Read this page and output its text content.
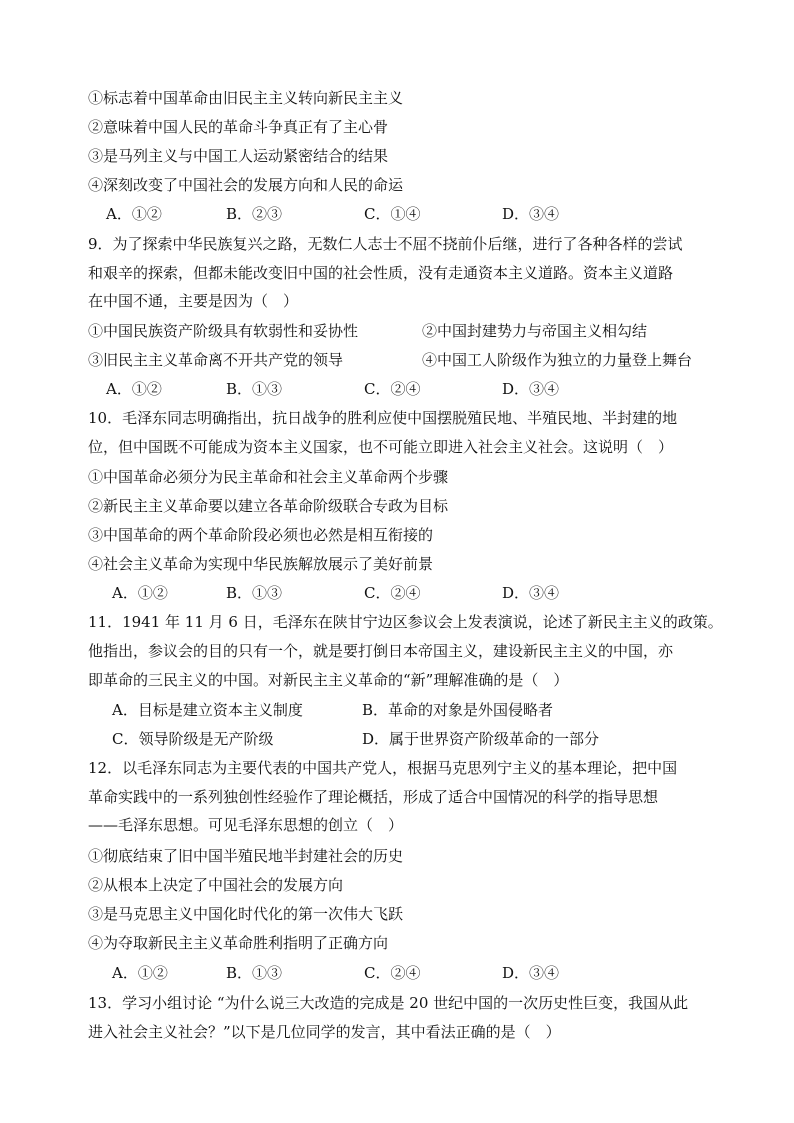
①标志着中国革命由旧民主主义转向新民主主义
②意味着中国人民的革命斗争真正有了主心骨
③是马列主义与中国工人运动紧密结合的结果
④深刻改变了中国社会的发展方向和人民的命运
A．①②	B．②③	C．①④	D．③④
9．为了探索中华民族复兴之路，无数仁人志士不屈不挠前仆后继，进行了各种各样的尝试
和艰辛的探索，但都未能改变旧中国的社会性质，没有走通资本主义道路。资本主义道路
在中国不通，主要是因为（　）
①中国民族资产阶级具有软弱性和妥协性	②中国封建势力与帝国主义相勾结
③旧民主主义革命离不开共产党的领导	④中国工人阶级作为独立的力量登上舞台
A．①②	B．①③	C．②④	D．③④
10．毛泽东同志明确指出，抗日战争的胜利应使中国摆脱殖民地、半殖民地、半封建的地
位，但中国既不可能成为资本主义国家，也不可能立即进入社会主义社会。这说明（　）
①中国革命必须分为民主革命和社会主义革命两个步骤
②新民主主义革命要以建立各革命阶级联合专政为目标
③中国革命的两个革命阶段必须也必然是相互衔接的
④社会主义革命为实现中华民族解放展示了美好前景
A．①②	B．①③	C．②④	D．③④
11．1941 年 11 月 6 日，毛泽东在陕甘宁边区参议会上发表演说，论述了新民主主义的政策。
他指出，参议会的目的只有一个，就是要打倒日本帝国主义，建设新民主主义的中国，亦
即革命的三民主义的中国。对新民主主义革命的“新”理解准确的是（　）
A．目标是建立资本主义制度	B．革命的对象是外国侵略者
C．领导阶级是无产阶级	D．属于世界资产阶级革命的一部分
12．以毛泽东同志为主要代表的中国共产党人，根据马克思列宁主义的基本理论，把中国
革命实践中的一系列独创性经验作了理论概括，形成了适合中国情况的科学的指导思想
——毛泽东思想。可见毛泽东思想的创立（　）
①彻底结束了旧中国半殖民地半封建社会的历史
②从根本上决定了中国社会的发展方向
③是马克思主义中国化时代化的第一次伟大飞跃
④为夺取新民主主义革命胜利指明了正确方向
A．①②	B．①③	C．②④	D．③④
13．学习小组讨论 “为什么说三大改造的完成是 20 世纪中国的一次历史性巨变，我国从此
进入社会主义社会？”以下是几位同学的发言，其中看法正确的是（　）
